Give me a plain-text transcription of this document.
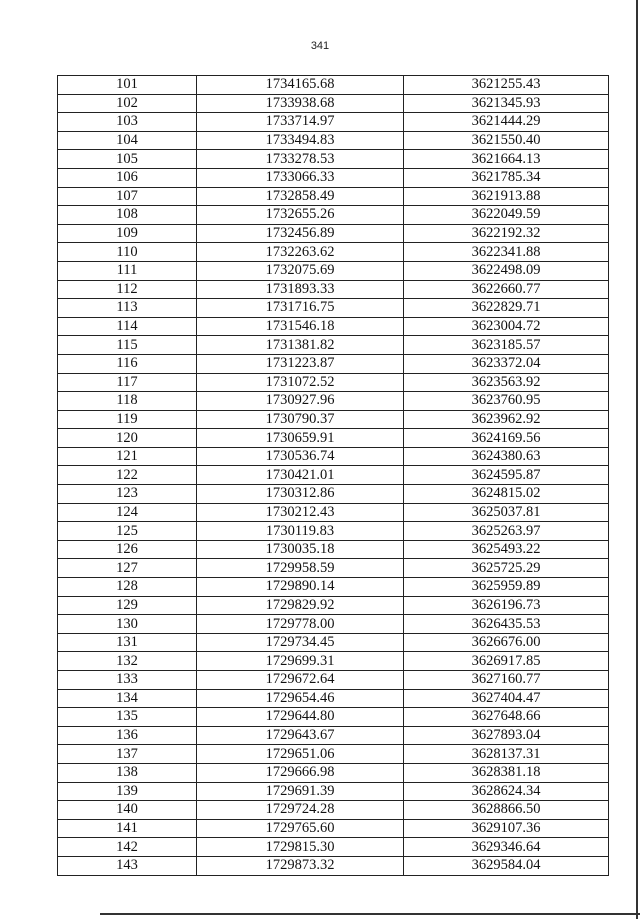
341
101	1734165.68	3621255.43
102	1733938.68	3621345.93
103	1733714.97	3621444.29
104	1733494.83	3621550.40
105	1733278.53	3621664.13
106	1733066.33	3621785.34
107	1732858.49	3621913.88
108	1732655.26	3622049.59
109	1732456.89	3622192.32
110	1732263.62	3622341.88
111	1732075.69	3622498.09
112	1731893.33	3622660.77
113	1731716.75	3622829.71
114	1731546.18	3623004.72
115	1731381.82	3623185.57
116	1731223.87	3623372.04
117	1731072.52	3623563.92
118	1730927.96	3623760.95
119	1730790.37	3623962.92
120	1730659.91	3624169.56
121	1730536.74	3624380.63
122	1730421.01	3624595.87
123	1730312.86	3624815.02
124	1730212.43	3625037.81
125	1730119.83	3625263.97
126	1730035.18	3625493.22
127	1729958.59	3625725.29
128	1729890.14	3625959.89
129	1729829.92	3626196.73
130	1729778.00	3626435.53
131	1729734.45	3626676.00
132	1729699.31	3626917.85
133	1729672.64	3627160.77
134	1729654.46	3627404.47
135	1729644.80	3627648.66
136	1729643.67	3627893.04
137	1729651.06	3628137.31
138	1729666.98	3628381.18
139	1729691.39	3628624.34
140	1729724.28	3628866.50
141	1729765.60	3629107.36
142	1729815.30	3629346.64
143	1729873.32	3629584.04
